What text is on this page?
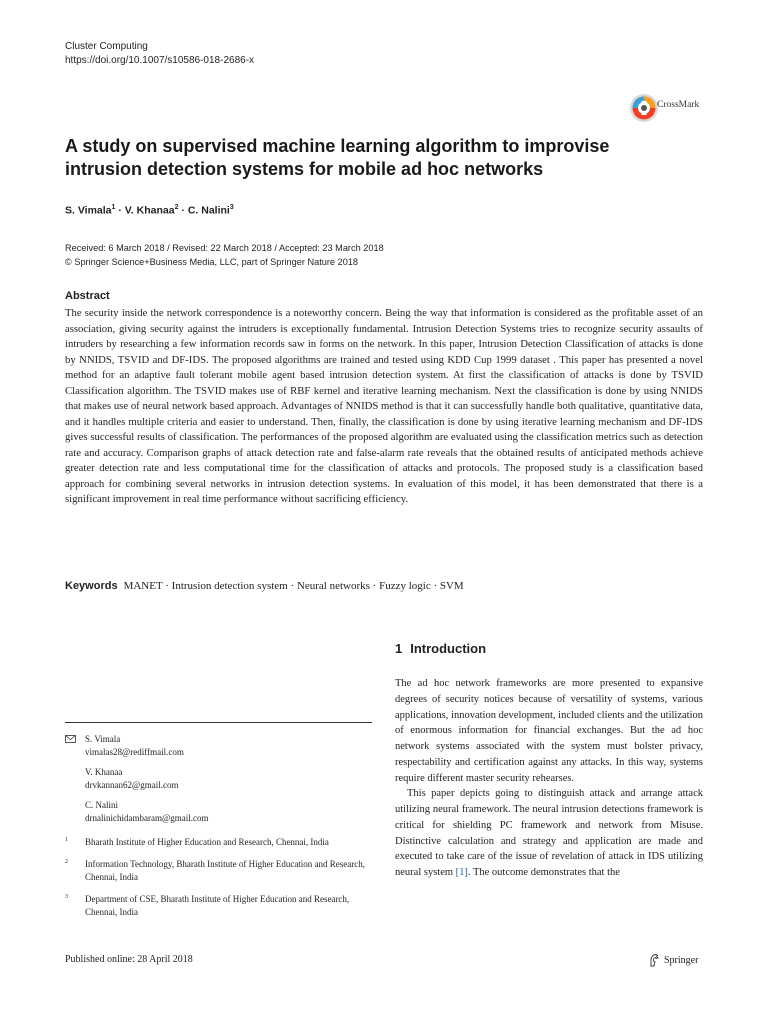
Cluster Computing
https://doi.org/10.1007/s10586-018-2686-x
CrossMark
A study on supervised machine learning algorithm to improvise intrusion detection systems for mobile ad hoc networks
S. Vimala$^1$ · V. Khanaa$^2$ · C. Nalini$^3$
Received: 6 March 2018 / Revised: 22 March 2018 / Accepted: 23 March 2018
© Springer Science+Business Media, LLC, part of Springer Nature 2018
Abstract
The security inside the network correspondence is a noteworthy concern. Being the way that information is considered as the profitable asset of an association, giving security against the intruders is exceptionally fundamental. Intrusion Detection Systems tries to recognize security assaults of intruders by researching a few information records saw in forms on the network. In this paper, Intrusion Detection Classification of attacks is done by NNIDS, TSVID and DF-IDS. The proposed algorithms are trained and tested using KDD Cup 1999 dataset . This paper has presented a novel method for an adaptive fault tolerant mobile agent based intrusion detection system. At first the classification of attacks is done by TSVID Classification algorithm. The TSVID makes use of RBF kernel and iterative learning mechanism. Next the classification is done by using NNIDS that makes use of neural network based approach. Advantages of NNIDS method is that it can successfully handle both qualitative, quantitative data, and it handles multiple criteria and easier to understand. Then, finally, the classification is done by using iterative learning mechanism and DF-IDS gives successful results of classification. The performances of the proposed algorithm are evaluated using the classification metrics such as detection rate and accuracy. Comparison graphs of attack detection rate and false-alarm rate reveals that the obtained results of anticipated methods achieve greater detection rate and less computational time for the classification of attacks and protocols. The proposed study is a classification based approach for combining several networks in intrusion detection systems. In evaluation of this model, it has been demonstrated that there is a significant improvement in real time performance without sacrificing efficiency.
Keywords MANET · Intrusion detection system · Neural networks · Fuzzy logic · SVM
1 Introduction

The ad hoc network frameworks are more presented to expansive degrees of security notices because of versatility of systems, various applications, innovation development, included clients and the utilization of enormous information for financial exchanges. But the ad hoc network systems associated with the system must bolster privacy, respectability and certification against any attacks. In this way, systems require different master security rehearses.

This paper depicts going to distinguish attack and arrange attack utilizing neural framework. The neural intrusion detections framework is critical for shielding PC framework and network from Misuse. Distinctive calculation and strategy and application are made and executed to take care of the issue of revelation of attack in IDS utilizing neural system [1]. The outcome demonstrates that the

S. Vimala
vimalas28@rediffmail.com
V. Khanaa
drvkannan62@gmail.com
C. Nalini
drnalinichidambaram@gmail.com
1 Bharath Institute of Higher Education and Research, Chennai, India
2 Information Technology, Bharath Institute of Higher Education and Research, Chennai, India
3 Department of CSE, Bharath Institute of Higher Education and Research, Chennai, India
Published online: 28 April 2018	Springer
